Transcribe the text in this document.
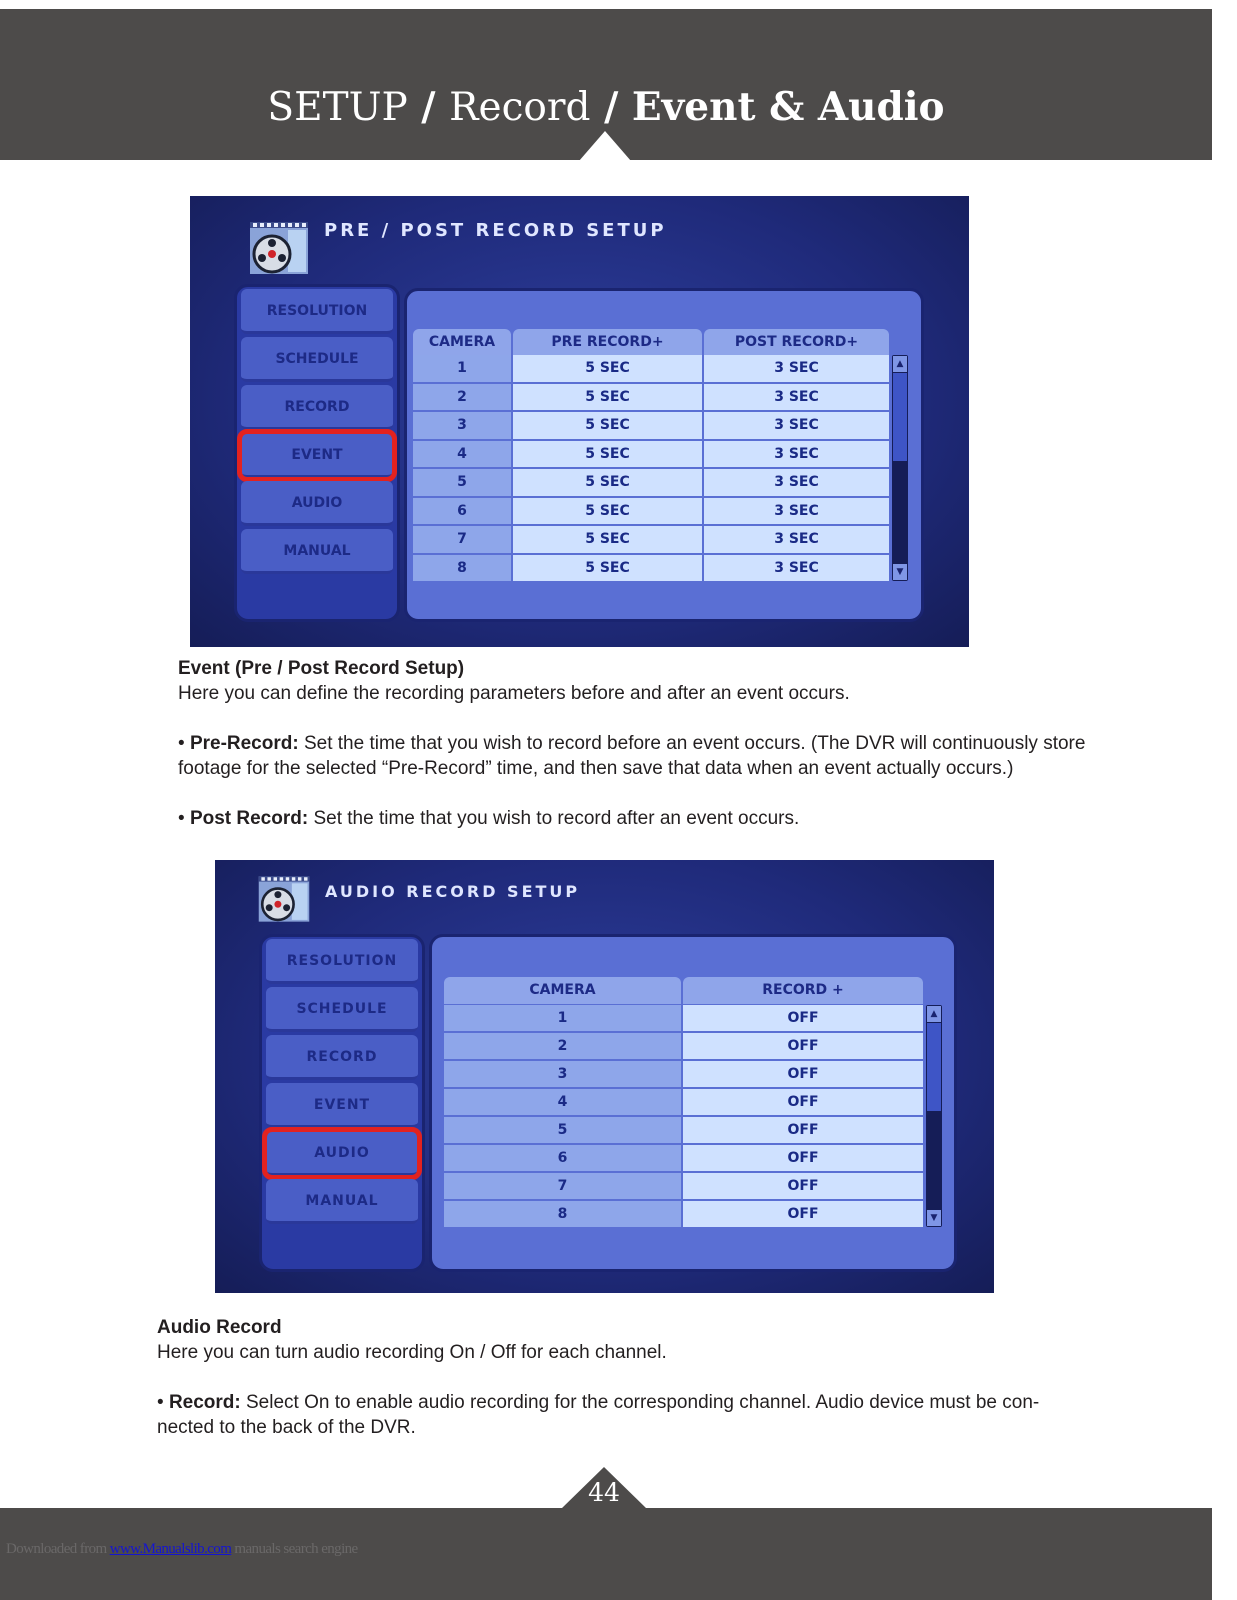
SETUP / Record / Event & Audio
PRE / POST RECORD SETUP
RESOLUTION
SCHEDULE
RECORD
EVENT
AUDIO
MANUAL
CAMERA	PRE RECORD+	POST RECORD+
1	5 SEC	3 SEC
2	5 SEC	3 SEC
3	5 SEC	3 SEC
4	5 SEC	3 SEC
5	5 SEC	3 SEC
6	5 SEC	3 SEC
7	5 SEC	3 SEC
8	5 SEC	3 SEC
▲
▼
Event (Pre / Post Record Setup)
Here you can define the recording parameters before and after an event occurs.
• Pre-Record: Set the time that you wish to record before an event occurs. (The DVR will continuously store footage for the selected “Pre-Record” time, and then save that data when an event actually occurs.)
• Post Record: Set the time that you wish to record after an event occurs.
AUDIO RECORD SETUP
RESOLUTION
SCHEDULE
RECORD
EVENT
AUDIO
MANUAL
CAMERA	RECORD +
1	OFF
2	OFF
3	OFF
4	OFF
5	OFF
6	OFF
7	OFF
8	OFF
▲
▼
Audio Record
Here you can turn audio recording On / Off for each channel.
• Record: Select On to enable audio recording for the corresponding channel. Audio device must be con-nected to the back of the DVR.
44
Downloaded from www.Manualslib.com manuals search engine
